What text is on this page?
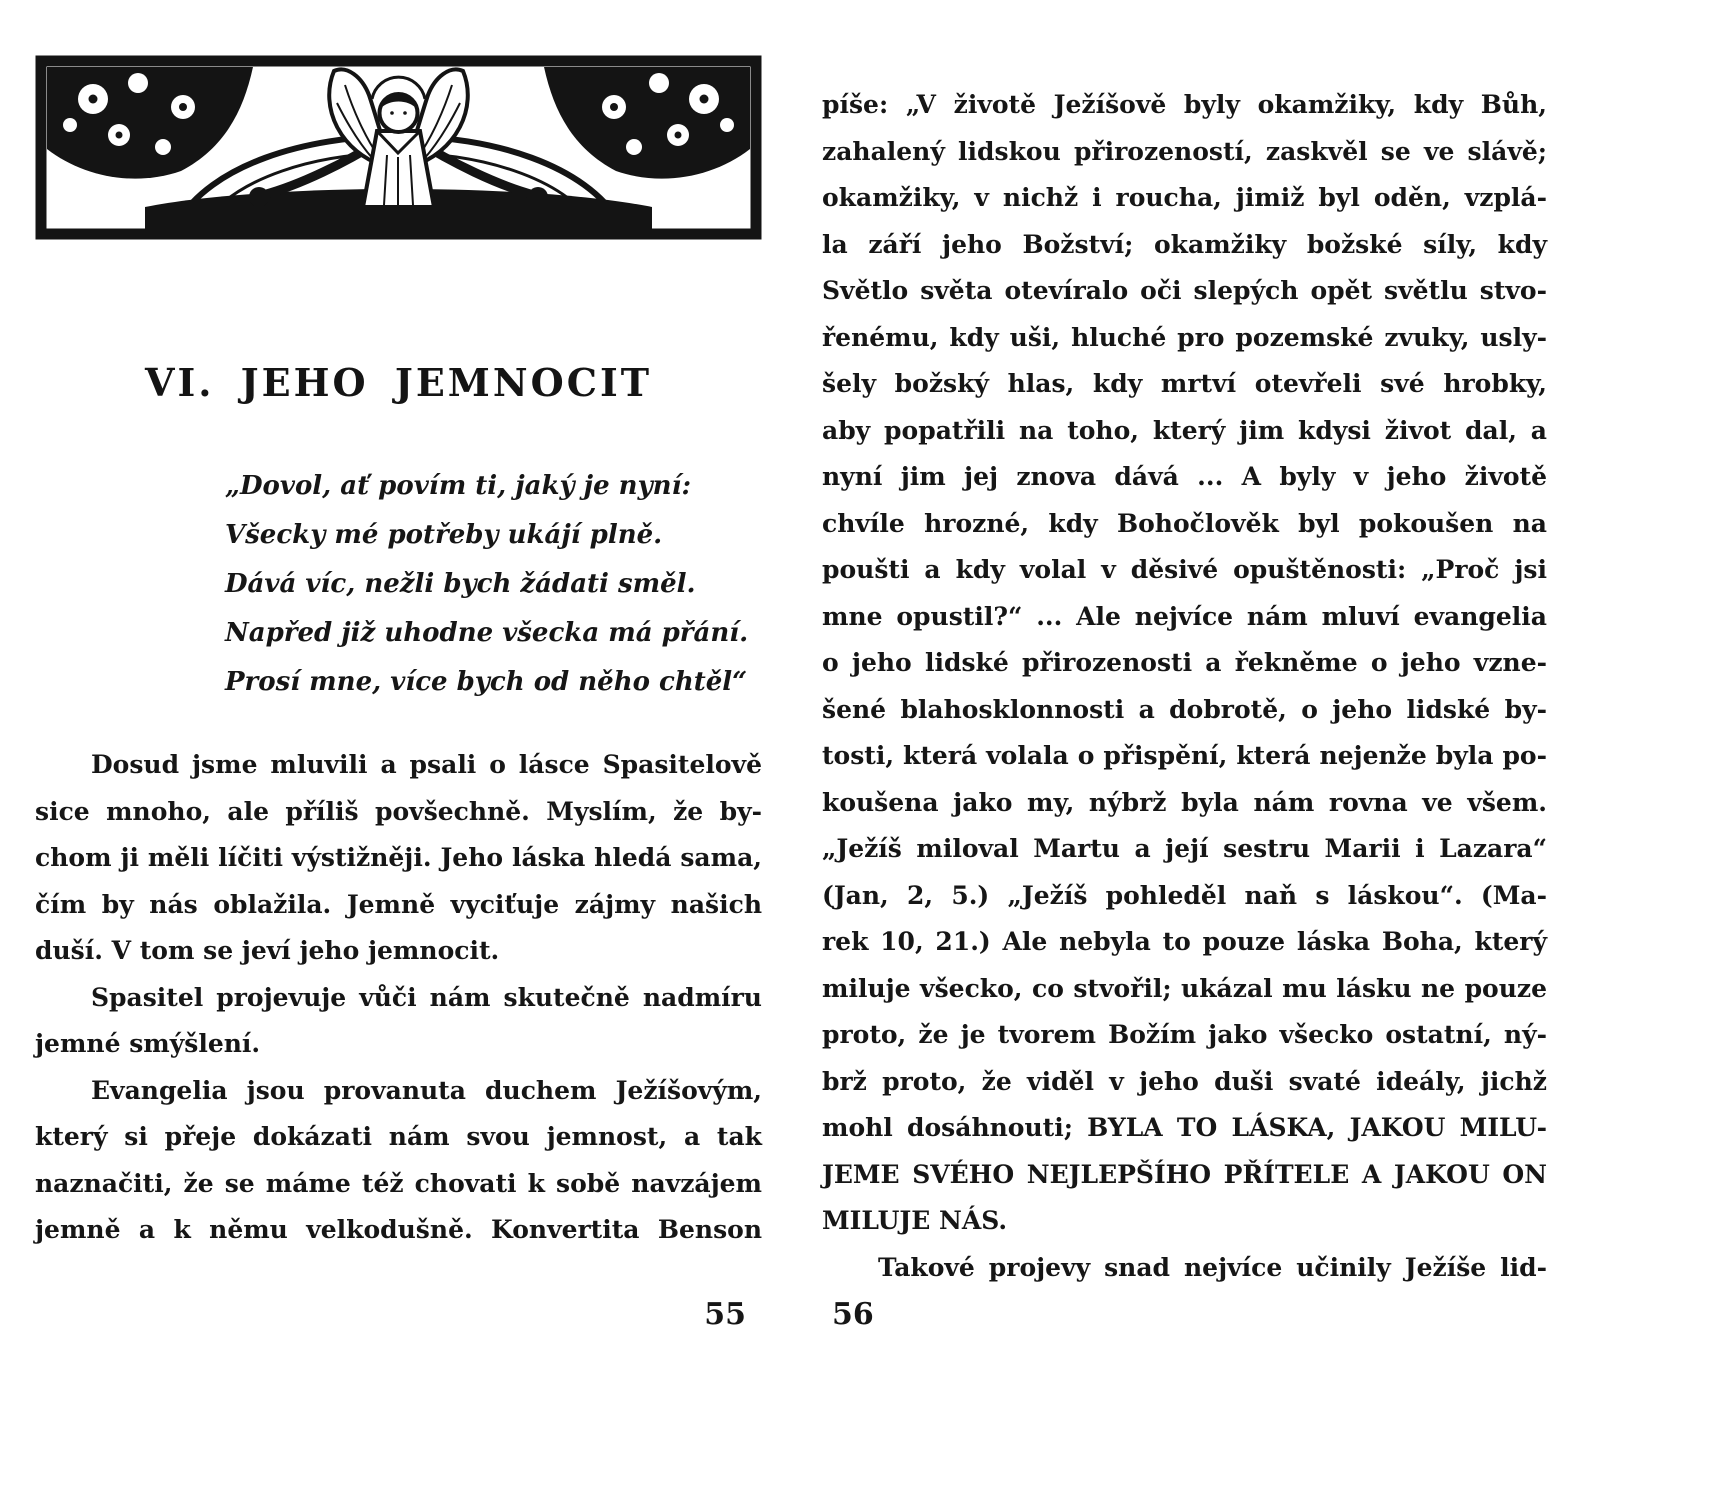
VI. JEHO JEMNOCIT
„Dovol, ať povím ti, jaký je nyní:
Všecky mé potřeby ukájí plně.
Dává víc, nežli bych žádati směl.
Napřed již uhodne všecka má přání.
Prosí mne, více bych od něho chtěl“
Dosud jsme mluvili a psali o lásce Spasitelově
sice mnoho, ale příliš povšechně. Myslím, že by-
chom ji měli líčiti výstižněji. Jeho láska hledá sama,
čím by nás oblažila. Jemně vyciťuje zájmy našich
duší. V tom se jeví jeho jemnocit.
Spasitel projevuje vůči nám skutečně nadmíru
jemné smýšlení.
Evangelia jsou provanuta duchem Ježíšovým,
který si přeje dokázati nám svou jemnost, a tak
naznačiti, že se máme též chovati k sobě navzájem
jemně a k němu velkodušně. Konvertita Benson
55
píše: „V životě Ježíšově byly okamžiky, kdy Bůh,
zahalený lidskou přirozeností, zaskvěl se ve slávě;
okamžiky, v nichž i roucha, jimiž byl oděn, vzplá-
la září jeho Božství; okamžiky božské síly, kdy
Světlo světa otevíralo oči slepých opět světlu stvo-
řenému, kdy uši, hluché pro pozemské zvuky, usly-
šely božský hlas, kdy mrtví otevřeli své hrobky,
aby popatřili na toho, který jim kdysi život dal, a
nyní jim jej znova dává ... A byly v jeho životě
chvíle hrozné, kdy Bohočlověk byl pokoušen na
poušti a kdy volal v děsivé opuštěnosti: „Proč jsi
mne opustil?“ ... Ale nejvíce nám mluví evangelia
o jeho lidské přirozenosti a řekněme o jeho vzne-
šené blahosklonnosti a dobrotě, o jeho lidské by-
tosti, která volala o přispění, která nejenže byla po-
koušena jako my, nýbrž byla nám rovna ve všem.
„Ježíš miloval Martu a její sestru Marii i Lazara“
(Jan, 2, 5.) „Ježíš pohleděl naň s láskou“. (Ma-
rek 10, 21.) Ale nebyla to pouze láska Boha, který
miluje všecko, co stvořil; ukázal mu lásku ne pouze
proto, že je tvorem Božím jako všecko ostatní, ný-
brž proto, že viděl v jeho duši svaté ideály, jichž
mohl dosáhnouti; BYLA TO LÁSKA, JAKOU MILU-
JEME SVÉHO NEJLEPŠÍHO PŘÍTELE A JAKOU ON
MILUJE NÁS.
Takové projevy snad nejvíce učinily Ježíše lid-
56
